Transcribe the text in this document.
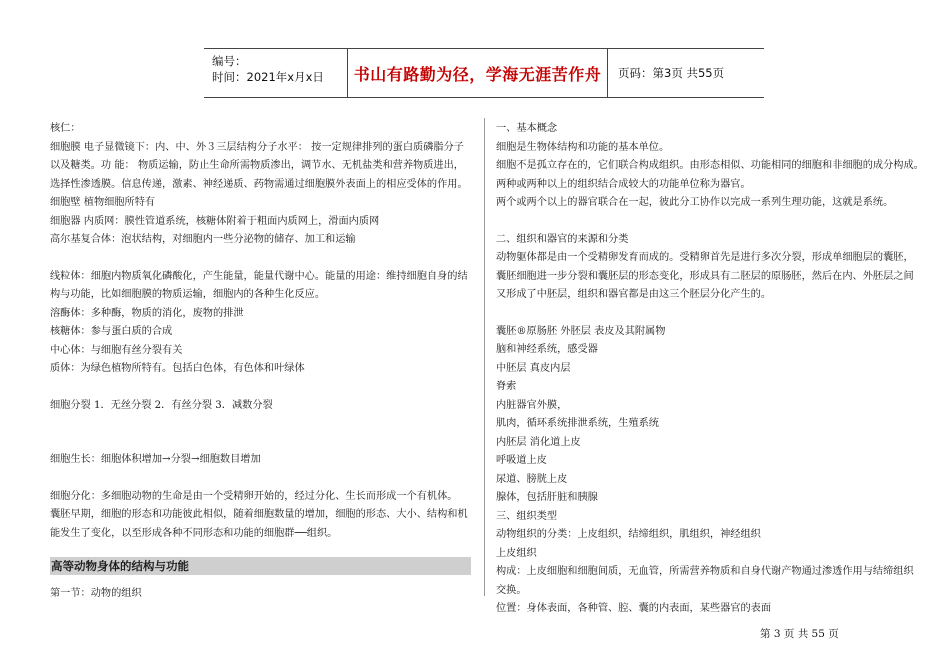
编号：
时间：2021年x月x日 书山有路勤为径，学海无涯苦作舟 页码：第3页 共55页

核仁：

细胞膜 电子显微镜下：内、中、外３三层结构分子水平： 按一定规律排列的蛋白质磷脂分子

以及糖类。功 能： 物质运输，防止生命所需物质渗出，调节水、无机盐类和营养物质进出，

选择性渗透膜。信息传递，激素、神经递质、药物需通过细胞膜外表面上的相应受体的作用。

细胞壁 植物细胞所特有

细胞器 内质网：膜性管道系统，核糖体附着于粗面内质网上，滑面内质网

高尔基复合体：泡状结构，对细胞内一些分泌物的储存、加工和运输

线粒体：细胞内物质氧化磷酸化，产生能量，能量代谢中心。能量的用途：维持细胞自身的结

构与功能，比如细胞膜的物质运输，细胞内的各种生化反应。

溶酶体：多种酶，物质的消化，废物的排泄

核糖体：参与蛋白质的合成

中心体：与细胞有丝分裂有关

质体：为绿色植物所特有。包括白色体，有色体和叶绿体

细胞分裂 1．无丝分裂 2．有丝分裂 3．减数分裂

细胞生长：细胞体积增加→分裂→细胞数目增加

细胞分化：多细胞动物的生命是由一个受精卵开始的，经过分化、生长而形成一个有机体。

囊胚早期，细胞的形态和功能彼此相似，随着细胞数量的增加，细胞的形态、大小、结构和机

能发生了变化，以至形成各种不同形态和功能的细胞群──组织。

高等动物身体的结构与功能

第一节：动物的组织

一、基本概念

细胞是生物体结构和功能的基本单位。

细胞不是孤立存在的，它们联合构成组织。由形态相似、功能相同的细胞和非细胞的成分构成。

两种或两种以上的组织结合成较大的功能单位称为器官。

两个或两个以上的器官联合在一起，彼此分工协作以完成一系列生理功能，这就是系统。

二、组织和器官的来源和分类

动物躯体都是由一个受精卵发育而成的。受精卵首先是进行多次分裂，形成单细胞层的囊胚，

囊胚细胞进一步分裂和囊胚层的形态变化，形成具有二胚层的原肠胚，然后在内、外胚层之间

又形成了中胚层，组织和器官都是由这三个胚层分化产生的。

囊胚®原肠胚 外胚层 表皮及其附属物

脑和神经系统，感受器

中胚层 真皮内层

脊索

内脏器官外膜，

肌肉，循环系统排泄系统，生殖系统

内胚层 消化道上皮

呼吸道上皮

尿道、膀胱上皮

腺体，包括肝脏和胰腺

三、组织类型

动物组织的分类：上皮组织，结缔组织，肌组织，神经组织

上皮组织

构成：上皮细胞和细胞间质，无血管，所需营养物质和自身代谢产物通过渗透作用与结缔组织

交换。

位置：身体表面，各种管、腔、囊的内表面，某些器官的表面

第 3 页 共 55 页
